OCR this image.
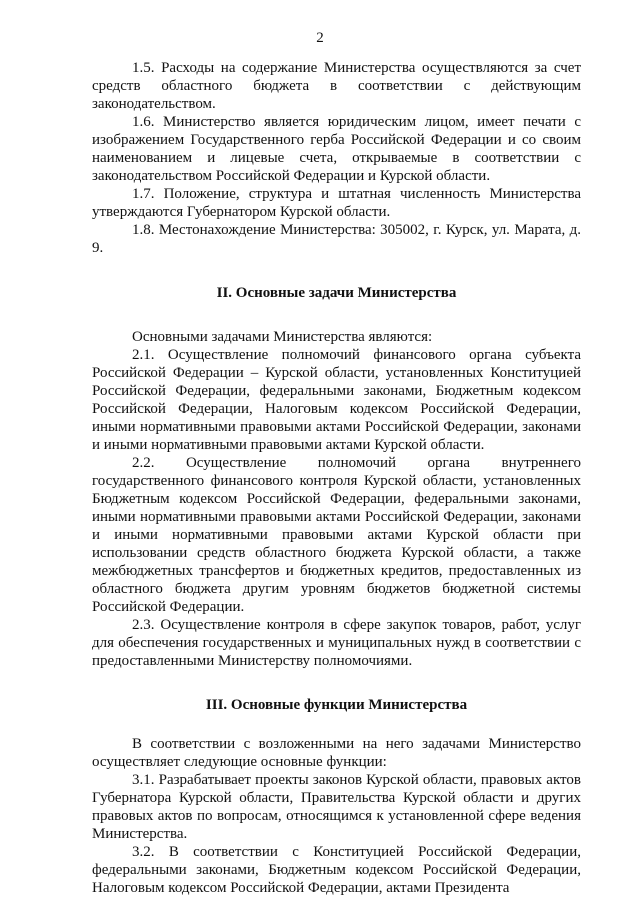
2

1.5. Расходы на содержание Министерства осуществляются за счет средств областного бюджета в соответствии с действующим законодательством.

1.6. Министерство является юридическим лицом, имеет печати с изображением Государственного герба Российской Федерации и со своим наименованием и лицевые счета, открываемые в соответствии с законодательством Российской Федерации и Курской области.

1.7. Положение, структура и штатная численность Министерства утверждаются Губернатором Курской области.

1.8. Местонахождение Министерства: 305002, г. Курск, ул. Марата, д. 9.

II. Основные задачи Министерства

Основными задачами Министерства являются:

2.1. Осуществление полномочий финансового органа субъекта Российской Федерации – Курской области, установленных Конституцией Российской Федерации, федеральными законами, Бюджетным кодексом Российской Федерации, Налоговым кодексом Российской Федерации, иными нормативными правовыми актами Российской Федерации, законами и иными нормативными правовыми актами Курской области.

2.2. Осуществление полномочий органа внутреннего государственного финансового контроля Курской области, установленных Бюджетным кодексом Российской Федерации, федеральными законами, иными нормативными правовыми актами Российской Федерации, законами и иными нормативными правовыми актами Курской области при использовании средств областного бюджета Курской области, а также межбюджетных трансфертов и бюджетных кредитов, предоставленных из областного бюджета другим уровням бюджетов бюджетной системы Российской Федерации.

2.3. Осуществление контроля в сфере закупок товаров, работ, услуг для обеспечения государственных и муниципальных нужд в соответствии с предоставленными Министерству полномочиями.

III. Основные функции Министерства

В соответствии с возложенными на него задачами Министерство осуществляет следующие основные функции:

3.1. Разрабатывает проекты законов Курской области, правовых актов Губернатора Курской области, Правительства Курской области и других правовых актов по вопросам, относящимся к установленной сфере ведения Министерства.

3.2. В соответствии с Конституцией Российской Федерации, федеральными законами, Бюджетным кодексом Российской Федерации, Налоговым кодексом Российской Федерации, актами Президента
